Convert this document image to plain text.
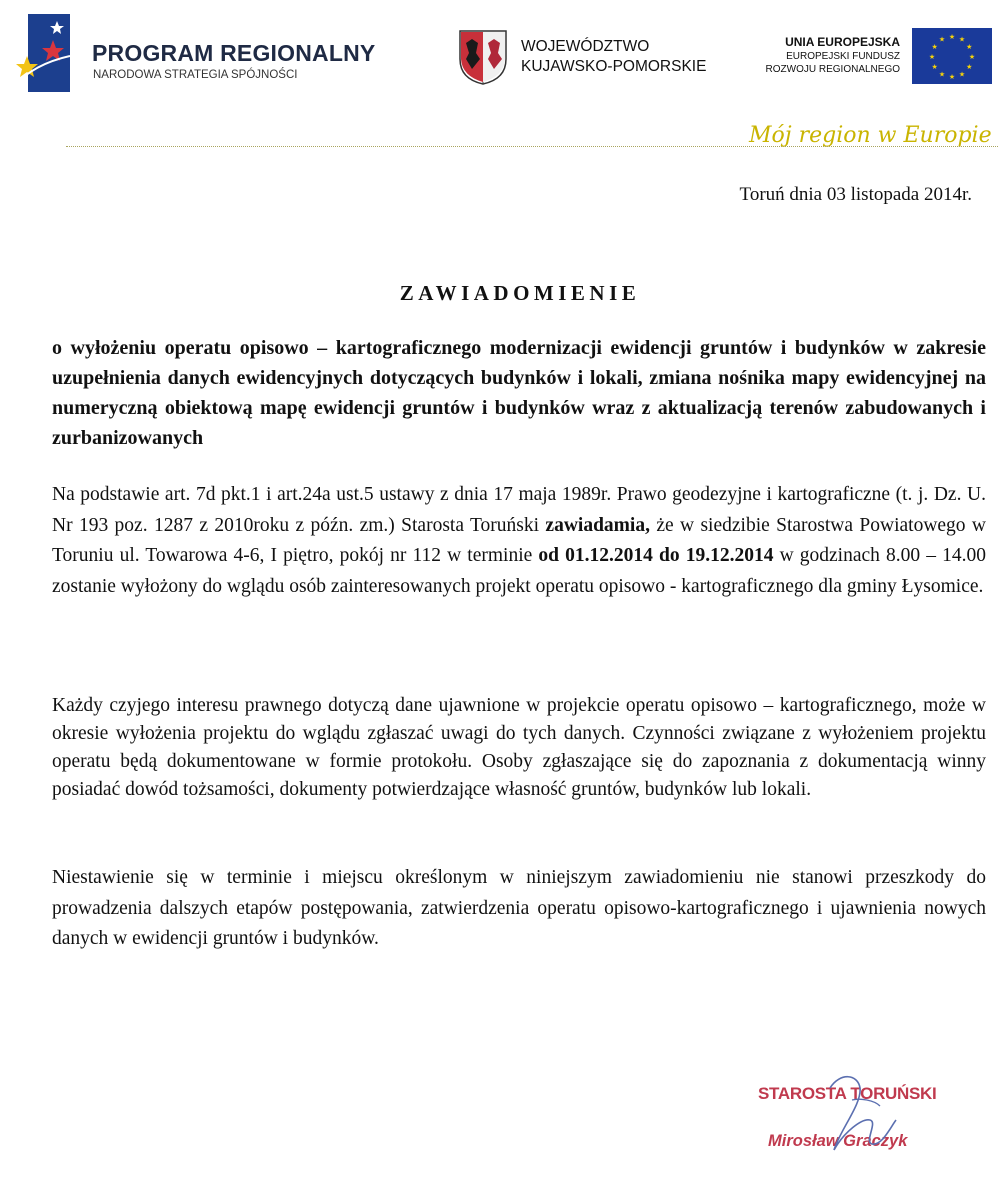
PROGRAM REGIONALNY
NARODOWA STRATEGIA SPÓJNOŚCI
WOJEWÓDZTWO
KUJAWSKO-POMORSKIE
UNIA EUROPEJSKA
EUROPEJSKI FUNDUSZ
ROZWOJU REGIONALNEGO
★ ★
★
★
★
★
★
★
★
★
★
★
Mój region w Europie
Toruń dnia 03 listopada 2014r.
ZAWIADOMIENIE
o wyłożeniu operatu opisowo – kartograficznego modernizacji ewidencji gruntów i budynków w zakresie uzupełnienia danych ewidencyjnych dotyczących budynków i lokali, zmiana nośnika mapy ewidencyjnej na numeryczną obiektową mapę ewidencji gruntów i budynków wraz z aktualizacją terenów zabudowanych i zurbanizowanych
Na podstawie art. 7d pkt.1 i art.24a ust.5 ustawy z dnia 17 maja 1989r. Prawo geodezyjne i kartograficzne (t. j. Dz. U. Nr 193 poz. 1287 z 2010roku z późn. zm.) Starosta Toruński zawiadamia, że w siedzibie Starostwa Powiatowego w Toruniu ul. Towarowa 4-6, I piętro, pokój nr 112 w terminie od 01.12.2014 do 19.12.2014 w godzinach 8.00 – 14.00 zostanie wyłożony do wglądu osób zainteresowanych projekt operatu opisowo - kartograficznego dla gminy Łysomice.
Każdy czyjego interesu prawnego dotyczą dane ujawnione w projekcie operatu opisowo – kartograficznego, może w okresie wyłożenia projektu do wglądu zgłaszać uwagi do tych danych. Czynności związane z wyłożeniem projektu operatu będą dokumentowane w formie protokołu. Osoby zgłaszające się do zapoznania z dokumentacją winny posiadać dowód tożsamości, dokumenty potwierdzające własność gruntów, budynków lub lokali.
Niestawienie się w terminie i miejscu określonym w niniejszym zawiadomieniu nie stanowi przeszkody do prowadzenia dalszych etapów postępowania, zatwierdzenia operatu opisowo-kartograficznego i ujawnienia nowych danych w ewidencji gruntów i budynków.
STAROSTA TORUŃSKI
Mirosław Graczyk
